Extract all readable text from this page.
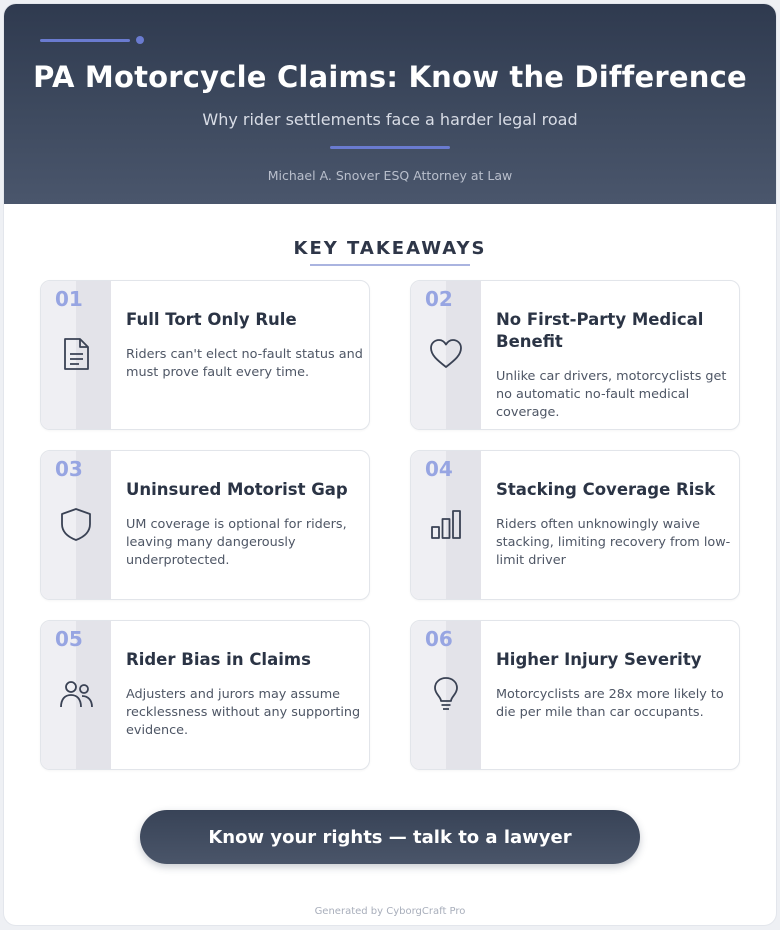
PA Motorcycle Claims: Know the Difference
Why rider settlements face a harder legal road
Michael A. Snover ESQ Attorney at Law
KEY TAKEAWAYS
01
Full Tort Only Rule
Riders can't elect no-fault status and must prove fault every time.
02
No First-Party Medical Benefit
Unlike car drivers, motorcyclists get no automatic no-fault medical coverage.
03
Uninsured Motorist Gap
UM coverage is optional for riders, leaving many dangerously underprotected.
04
Stacking Coverage Risk
Riders often unknowingly waive stacking, limiting recovery from low-limit driver
05
Rider Bias in Claims
Adjusters and jurors may assume recklessness without any supporting evidence.
06
Higher Injury Severity
Motorcyclists are 28x more likely to die per mile than car occupants.
Know your rights — talk to a lawyer
Generated by CyborgCraft Pro
